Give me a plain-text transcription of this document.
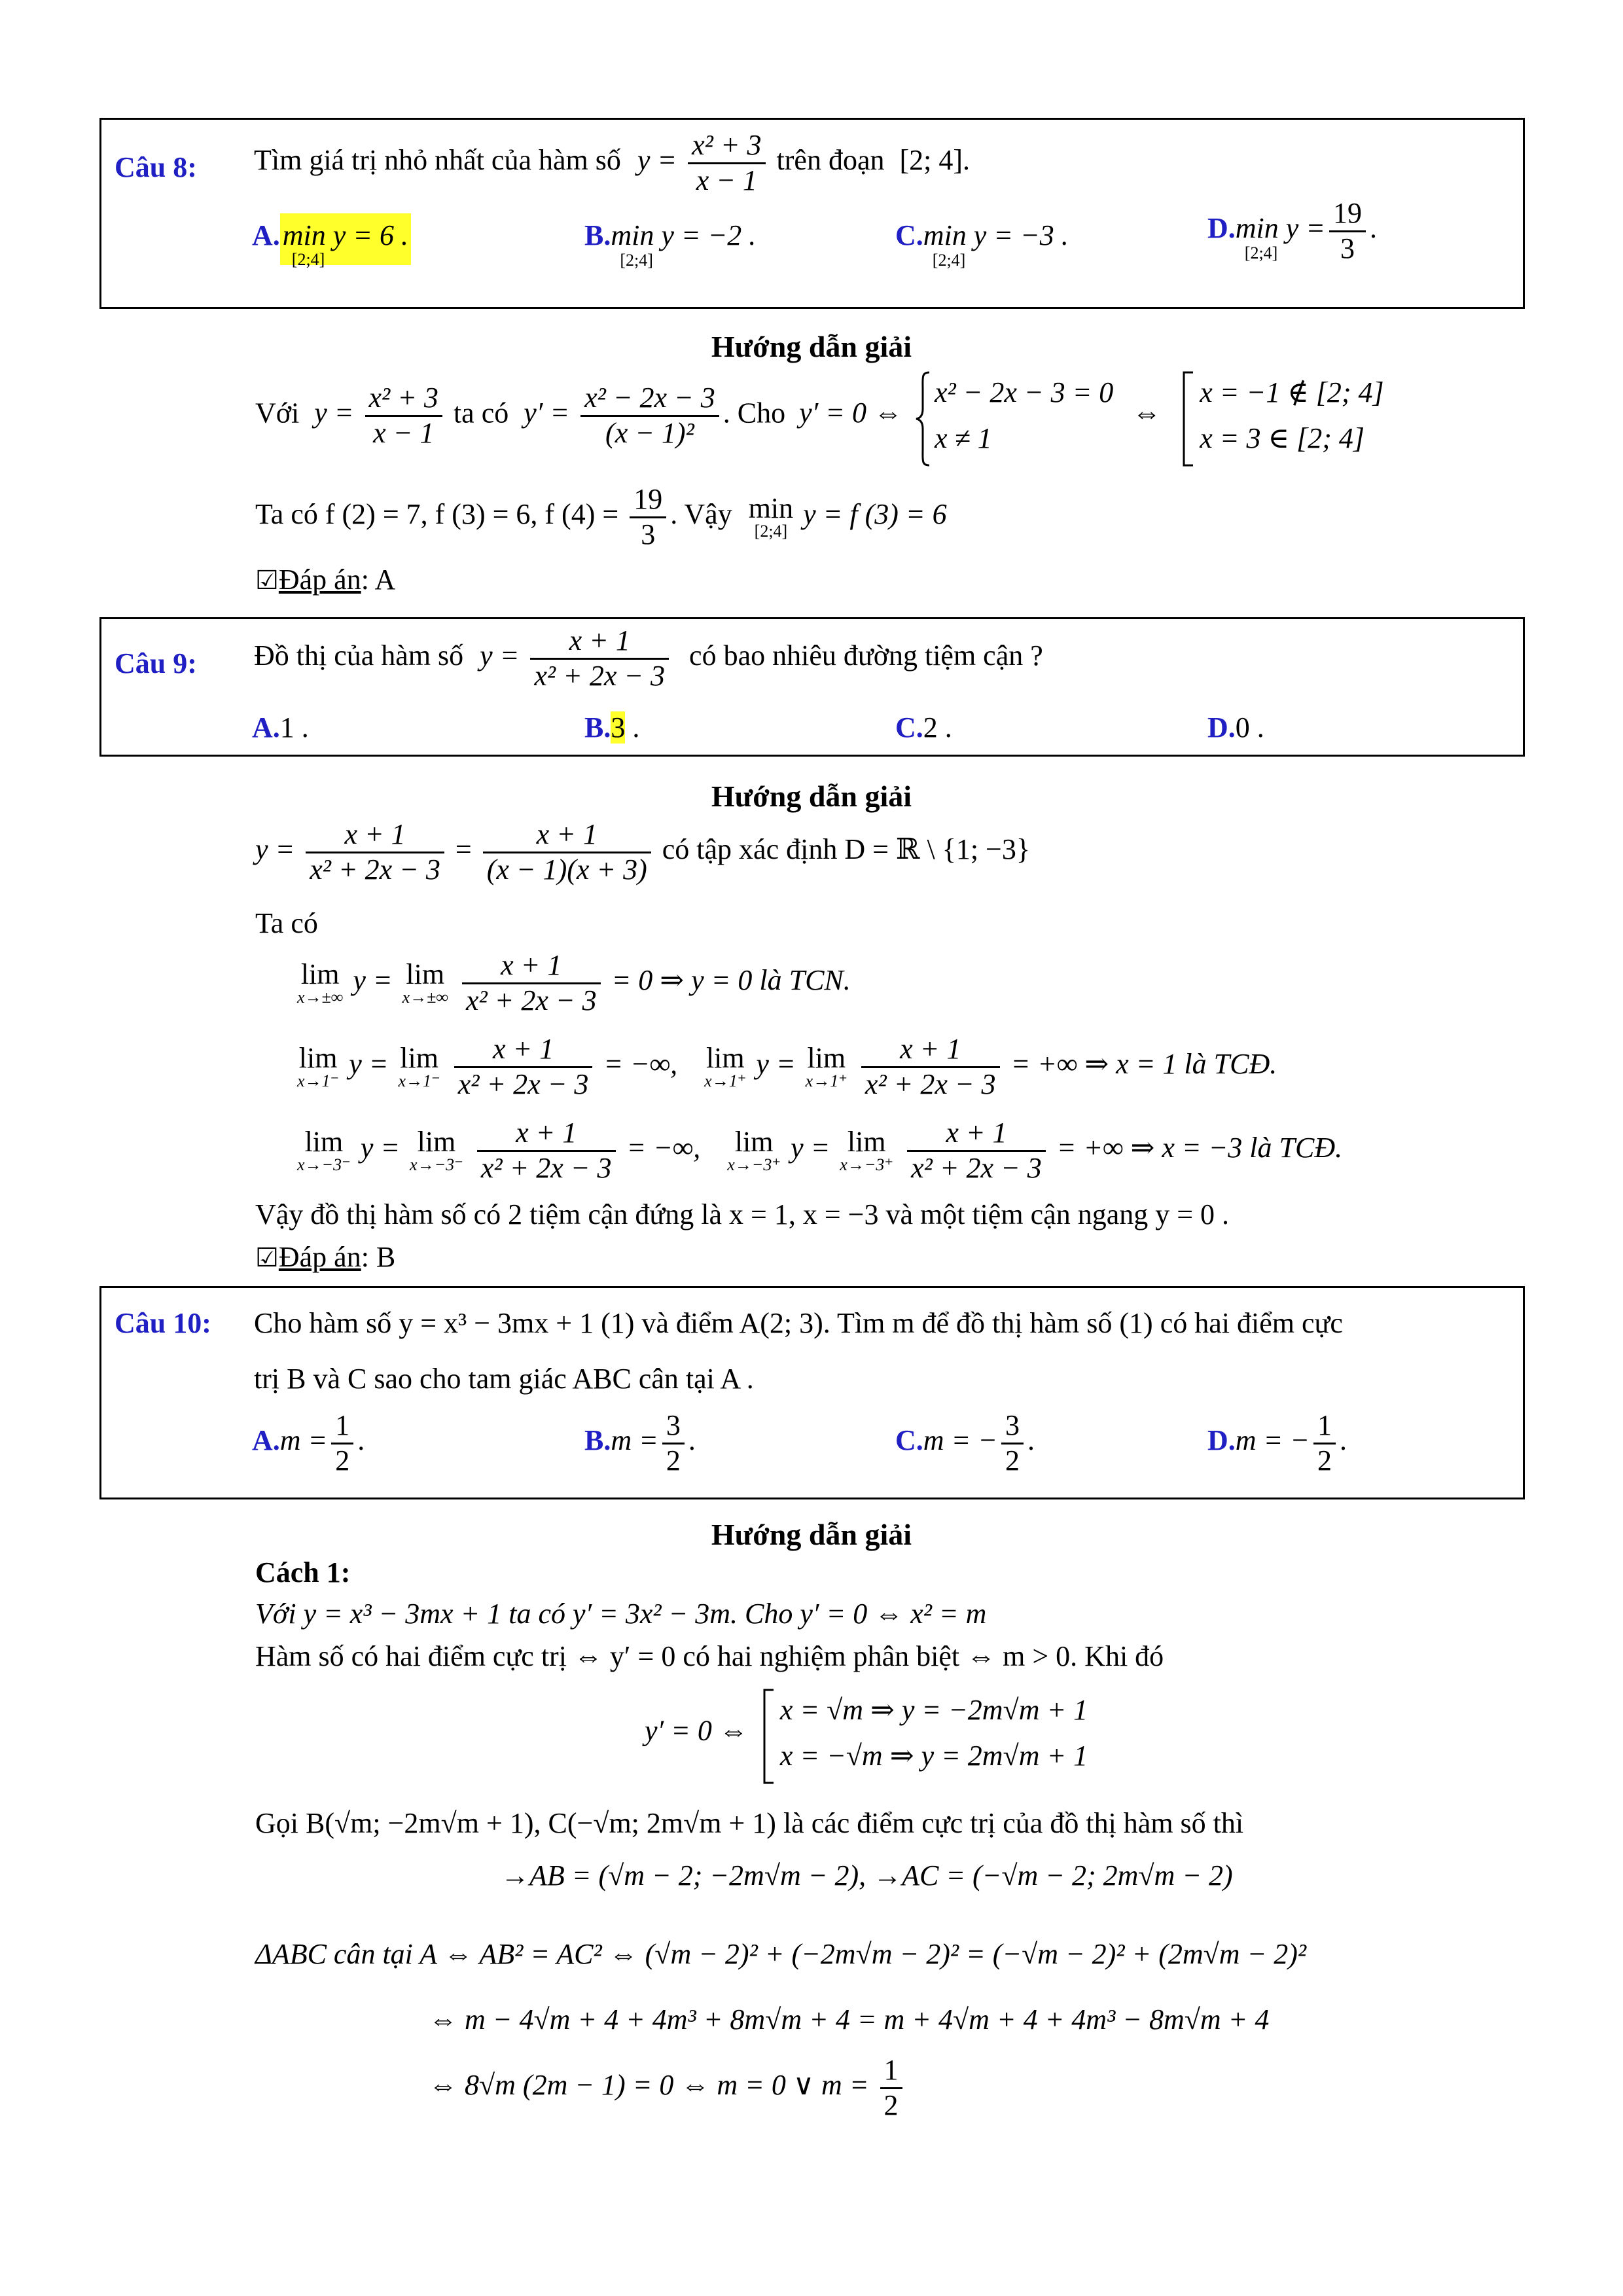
Câu 8: Tìm giá trị nhỏ nhất của hàm số $y = \frac{\text{x² + 3}}{x - 1}$ trên đoạn [2; 4].
A.min y = 6 .
[2;4]
B.min y = −2 .
[2;4]
C.min y = −3 .
[2;4]
D.min y =
[2;4] $\frac{19}{3}$ .
Hướng dẫn giải
Với $y = \frac{\text{x² + 3}}{x - 1}$ ta có $y' = \frac{\text{x² − 2x − 3}}{\text{(x − 1)²}}$ . Cho y′ = 0 ⇔
x² − 2x − 3 = 0
x ≠ 1
⇔
x = −1 ∉ [2; 4]
x = 3 ∈ [2; 4]
Ta có f (2) = 7, f (3) = 6, f $(4) = \frac{19}{3}$ . Vậy min
[2;4]
y = f (3) = 6
☑Đáp án: A
Câu 9: Đồ thị của hàm số $y = \frac{x + 1}{\text{x² + 2x − 3}}$ có bao nhiêu đường tiệm cận ?
A.1 .	B.3 .	C.2 .	D.0 .
Hướng dẫn giải
$y = \frac{x + 1}{\text{x² + 2x − 3}} = \frac{x + 1}{(x - 1)(x + 3)}$ có tập xác định D = ℝ \ {1; −3}
Ta có
lim
x→±∞
y = lim
x→±∞
$\frac{x + 1}{\text{x² + 2x − 3}} = 0$ ⇒ y = 0 là TCN.
lim
x→1⁻
y = lim
x→1⁻
$\frac{x + 1}{\text{x² + 2x − 3}}$ = −∞, lim
x→1⁺
y = lim
x→1⁺
$\frac{x + 1}{\text{x² + 2x − 3}}$ = +∞ ⇒ x = 1 là TCĐ.
lim
x→−3⁻
y = lim
x→−3⁻
$\frac{x + 1}{\text{x² + 2x − 3}}$ = −∞, lim
x→−3⁺
y = lim
x→−3⁺
$\frac{x + 1}{\text{x² + 2x − 3}}$ = +∞ ⇒ x = −3 là TCĐ.
Vậy đồ thị hàm số có 2 tiệm cận đứng là x = 1, x = −3 và một tiệm cận ngang y = 0 .
☑Đáp án: B
Câu 10: Cho hàm số y = x³ − 3mx + 1 (1) và điểm A(2; 3). Tìm m để đồ thị hàm số (1) có hai điểm cực
trị B và C sao cho tam giác ABC cân tại A .
$A.m = \frac{1}{2}$ .	$B.m = \frac{3}{2}$ .	C.m = − $\frac{3}{2}$ .	D.m = − $\frac{1}{2}$ .
Hướng dẫn giải
Cách 1:
Với y = x³ − 3mx + 1 ta có y′ = 3x² − 3m. Cho y′ = 0 ⇔ x² = m
Hàm số có hai điểm cực trị ⇔ y′ = 0 có hai nghiệm phân biệt ⇔ m > 0. Khi đó
y′ = 0 ⇔
x = √m ⇒ y = −2m√m + 1
x = −√m ⇒ y = 2m√m + 1
Gọi B(√m; −2m√m + 1), C(−√m; 2m√m + 1) là các điểm cực trị của đồ thị hàm số thì
→AB = (√m − 2; −2m√m − 2), →AC = (−√m − 2; 2m√m − 2)
ΔABC cân tại A ⇔ AB² = AC² ⇔ (√m − 2)² + (−2m√m − 2)² = (−√m − 2)² + (2m√m − 2)²
⇔ m − 4√m + 4 + 4m³ + 8m√m + 4 = m + 4√m + 4 + 4m³ − 8m√m + 4
⇔ 8√m (2m − 1) = 0 ⇔ m = 0 ∨ $m = \frac{1}{2}$
